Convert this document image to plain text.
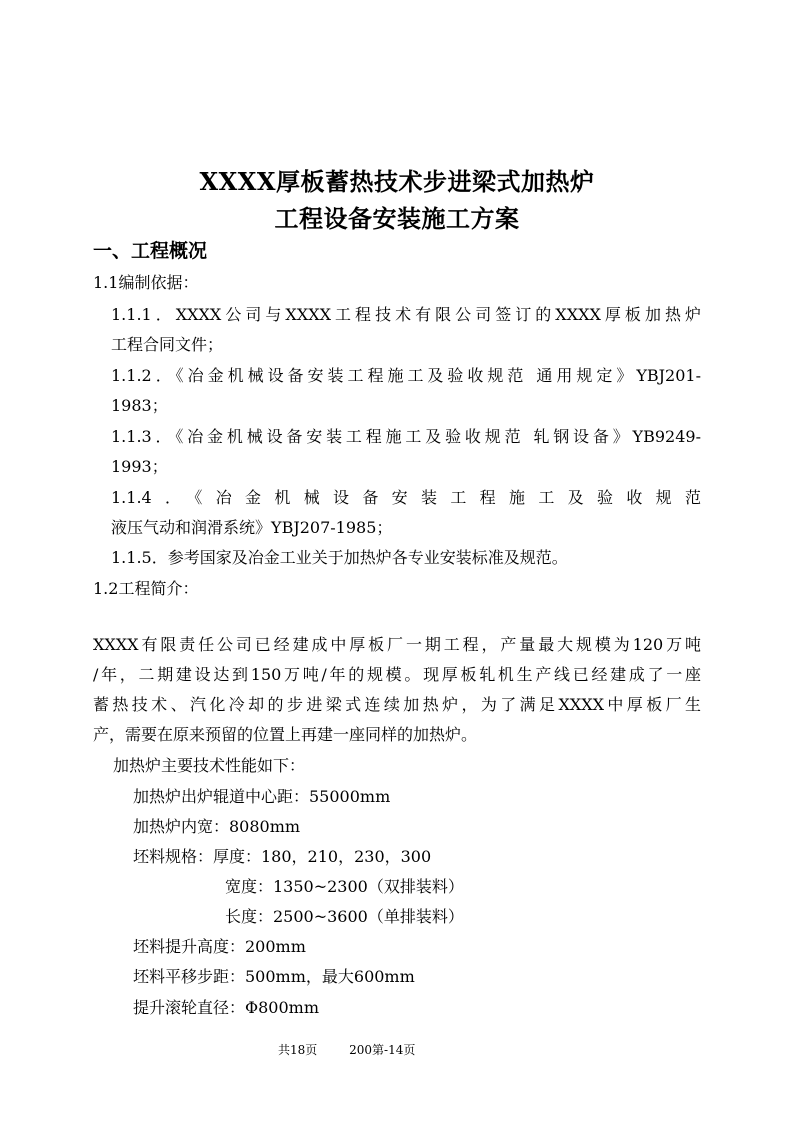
XXXX厚板蓄热技术步进梁式加热炉
工程设备安装施工方案
一、工程概况
1.1编制依据：
1.1.1．XXXX公司与XXXX工程技术有限公司签订的XXXX厚板加热炉
工程合同文件；
1.1.2．《冶金机械设备安装工程施工及验收规范 通用规定》YBJ201-
1983；
1.1.3．《冶金机械设备安装工程施工及验收规范 轧钢设备》YB9249-
1993；
1.1.4．《冶金机械设备安装工程施工及验收规范
液压气动和润滑系统》YBJ207-1985；
1.1.5．参考国家及冶金工业关于加热炉各专业安装标准及规范。
1.2工程简介：
XXXX有限责任公司已经建成中厚板厂一期工程，产量最大规模为120万吨
/年，二期建设达到150万吨/年的规模。现厚板轧机生产线已经建成了一座
蓄热技术、汽化冷却的步进梁式连续加热炉，为了满足XXXX中厚板厂生
产，需要在原来预留的位置上再建一座同样的加热炉。
加热炉主要技术性能如下：
加热炉出炉辊道中心距：55000mm
加热炉内宽：8080mm
坯料规格：厚度：180，210，230，300
宽度：1350~2300（双排装料）
长度：2500~3600（单排装料）
坯料提升高度：200mm
坯料平移步距：500mm，最大600mm
提升滚轮直径：Φ800mm
共18页	200第-14页
